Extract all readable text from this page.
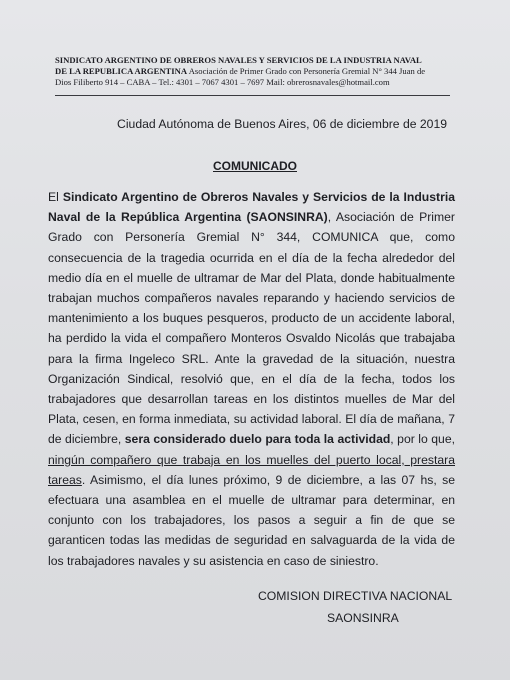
SINDICATO ARGENTINO DE OBREROS NAVALES Y SERVICIOS DE LA INDUSTRIA NAVAL
DE LA REPUBLICA ARGENTINA Asociación de Primer Grado con Personería Gremial N° 344 Juan de
Dios Filiberto 914 – CABA – Tel.: 4301 – 7067 4301 – 7697 Mail: obrerosnavales@hotmail.com
Ciudad Autónoma de Buenos Aires, 06 de diciembre de 2019
COMUNICADO

El Sindicato Argentino de Obreros Navales y Servicios de la Industria Naval de la República Argentina (SAONSINRA), Asociación de Primer Grado con Personería Gremial N° 344, COMUNICA que, como consecuencia de la tragedia ocurrida en el día de la fecha alrededor del medio día en el muelle de ultramar de Mar del Plata, donde habitualmente trabajan muchos compañeros navales reparando y haciendo servicios de mantenimiento a los buques pesqueros, producto de un accidente laboral, ha perdido la vida el compañero Monteros Osvaldo Nicolás que trabajaba para la firma Ingeleco SRL. Ante la gravedad de la situación, nuestra Organización Sindical, resolvió que, en el día de la fecha, todos los trabajadores que desarrollan tareas en los distintos muelles de Mar del Plata, cesen, en forma inmediata, su actividad laboral. El día de mañana, 7 de diciembre, sera considerado duelo para toda la actividad, por lo que, ningún compañero que trabaja en los muelles del puerto local, prestara tareas. Asimismo, el día lunes próximo, 9 de diciembre, a las 07 hs, se efectuara una asamblea en el muelle de ultramar para determinar, en conjunto con los trabajadores, los pasos a seguir a fin de que se garanticen todas las medidas de seguridad en salvaguarda de la vida de los trabajadores navales y su asistencia en caso de siniestro.

COMISION DIRECTIVA NACIONAL
SAONSINRA
